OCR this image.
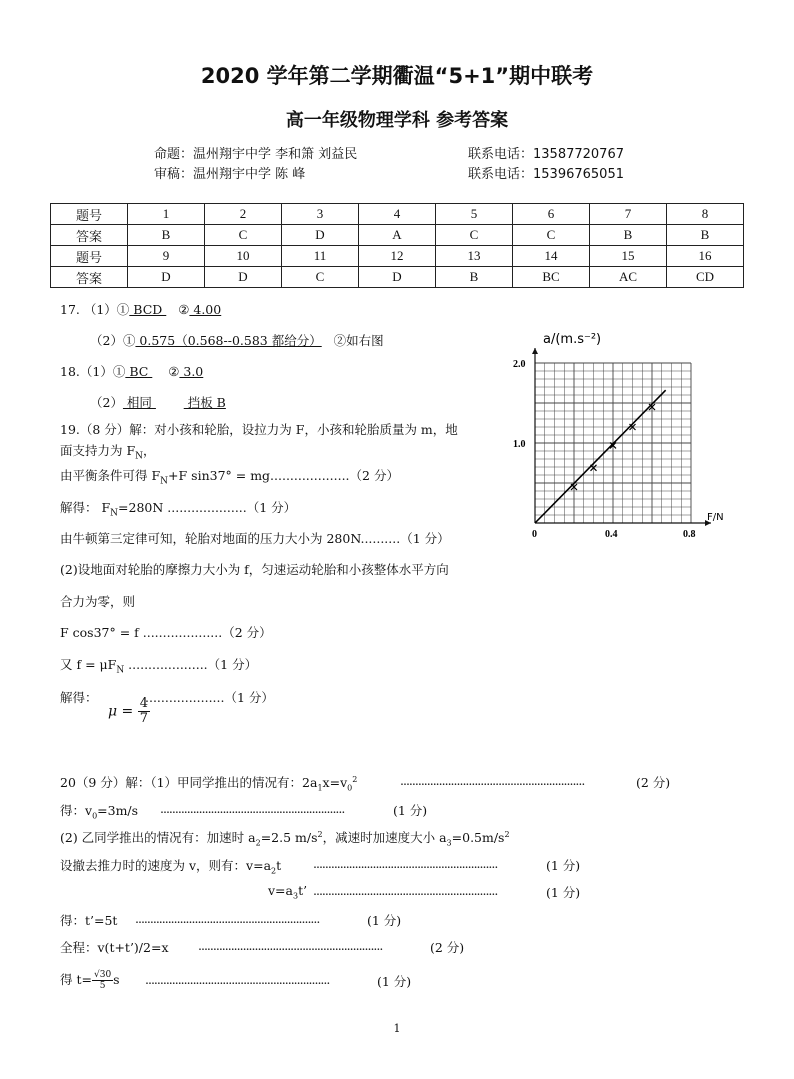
2020 学年第二学期衢温“5+1”期中联考
高一年级物理学科 参考答案
命题：温州翔宇中学 李和箫 刘益民	联系电话：13587720767
审稿：温州翔宇中学 陈 峰	联系电话：15396765051
题号	1	2	3	4	5	6	7	8
答案	B	C	D	A	C	C	B	B
题号	9	10	11	12	13	14	15	16
答案	D	D	C	D	B	BC	AC	CD
17. （1）① BCD    ② 4.00
（2）① 0.575（0.568--0.583 都给分） ②如右图
18.（1）① BC     ② 3.0
（2） 相同         挡板 B
19.（8 分）解：对小孩和轮胎，设拉力为 F，小孩和轮胎质量为 m，地
面支持力为 $F_N$，
由平衡条件可得 $F_N+F$ sin37° = mg....................（2 分）
解得： $F_N=280N$ ....................（1 分）
由牛顿第三定律可知，轮胎对地面的压力大小为 280N..........（1 分）
(2)设地面对轮胎的摩擦力大小为 f，匀速运动轮胎和小孩整体水平方向
合力为零，则
F cos37° = f ....................（2 分）
又 $f = \mu F_N$ ....................（1 分）
解得：
$\mu = \frac{4}{7}$
....................（1 分）
a/(m.s⁻²)
F/N
0	0.4	0.8
1.0
2.0
20（9 分）解：（1）甲同学推出的情况有：$2a_1x=v_0^2$	..............................................................	(2 分)
得：$v_0=3m/s$ ..............................................................	(1 分)
(2) 乙同学推出的情况有：加速时 $a_2=2.5$ $m/s^2$，减速时加速度大小 $a_3=0.5m/s^2$
设撤去推力时的速度为 v，则有：$v=a_2t$	..............................................................	(1 分)
$v=a_3t$’ ..............................................................	(1 分)
得：t’=5t ..............................................................	(1 分)
全程：v(t+t’)/2=x ..............................................................	(2 分)
得 $t= \frac{√30}{5}$ s ..............................................................	(1 分)
1
